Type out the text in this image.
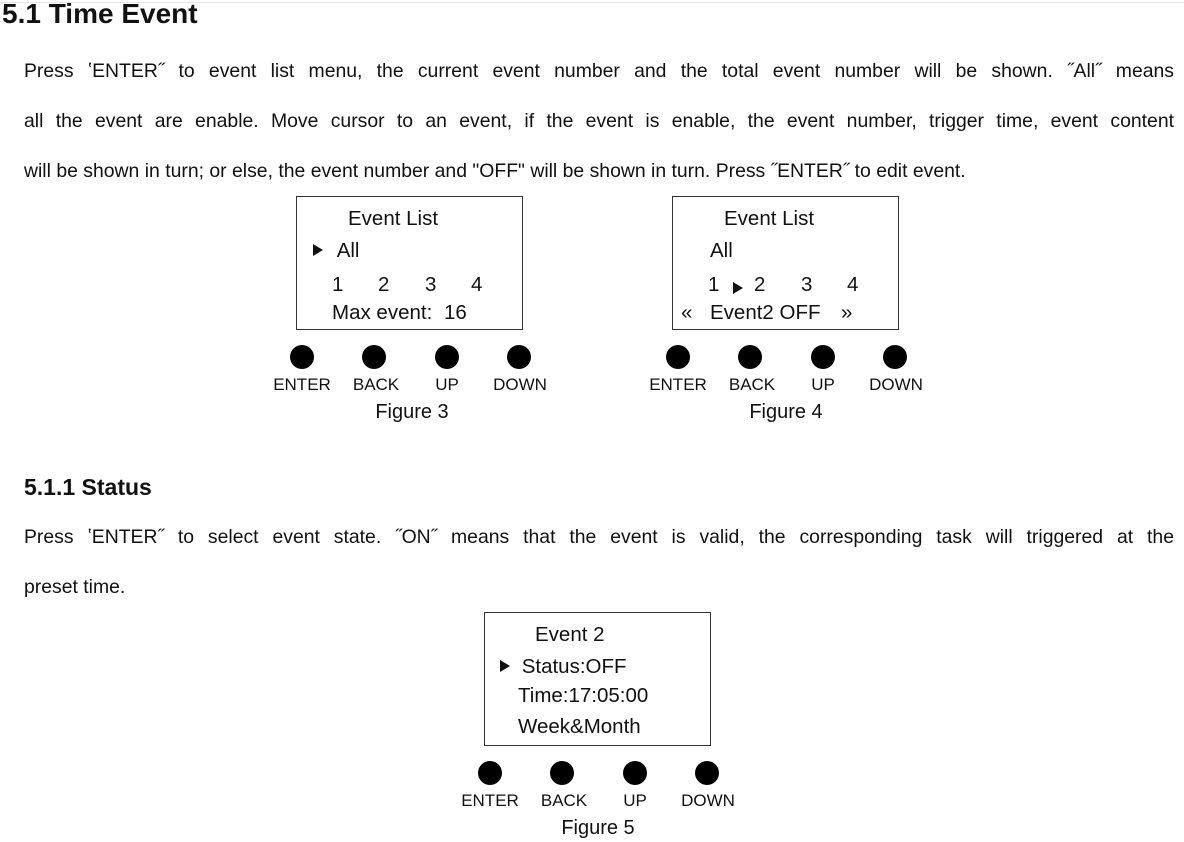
5.1 Time Event
Press ʽENTER˝ to event list menu, the current event number and the total event number will be shown. ˝All˝ means
all the event are enable. Move cursor to an event, if the event is enable, the event number, trigger time, event content
will be shown in turn; or else, the event number and "OFF" will be shown in turn. Press ˝ENTER˝ to edit event.
Event List
All
1 2 3 4
Max event: 16
ENTER BACK UP DOWN
Figure 3
Event List
All
1 2 3 4
« Event2 OFF »
ENTER BACK UP DOWN
Figure 4
5.1.1 Status
Press ʽENTER˝ to select event state. ˝ON˝ means that the event is valid, the corresponding task will triggered at the
preset time.
Event 2
Status:OFF
Time:17:05:00
Week&Month
ENTER BACK UP DOWN
Figure 5
